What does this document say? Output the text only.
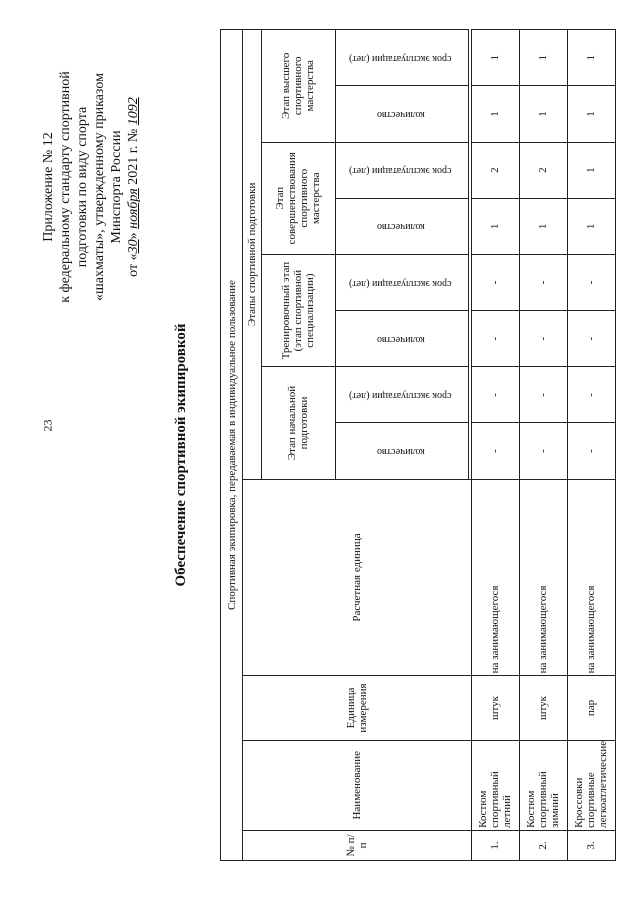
23
Приложение № 12 к федеральному стандарту спортивной подготовки по виду спорта «шахматы», утвержденному приказом Минспорта России
от «30» ноября 2021 г. № 1092
Обеспечение спортивной экипировкой	Спортивная экипировка, передаваемая в индивидуальное пользование											
№ п/п	Наименование	Единица измерения	Расчетная единица	Этапы спортивной подготовки							
				Этап начальной подготовки		Тренировочный этап (этап спортивной специализации)		Этап совершенствования спортивного мастерства		Этап высшего спортивного мастерства	
				количество	срок эксплуатации (лет)	количество	срок эксплуатации (лет)	количество	срок эксплуатации (лет)	количество	срок эксплуатации (лет)

1.	Костюм спортивный летний	штук	на занимающегося	-	-	-	-	1	2	1	1
2.	Костюм спортивный зимний	штук	на занимающегося	-	-	-	-	1	2	1	1
3.	Кроссовки спортивные легкоатлетические	пар	на занимающегося	-	-	-	-	1	1	1	1
